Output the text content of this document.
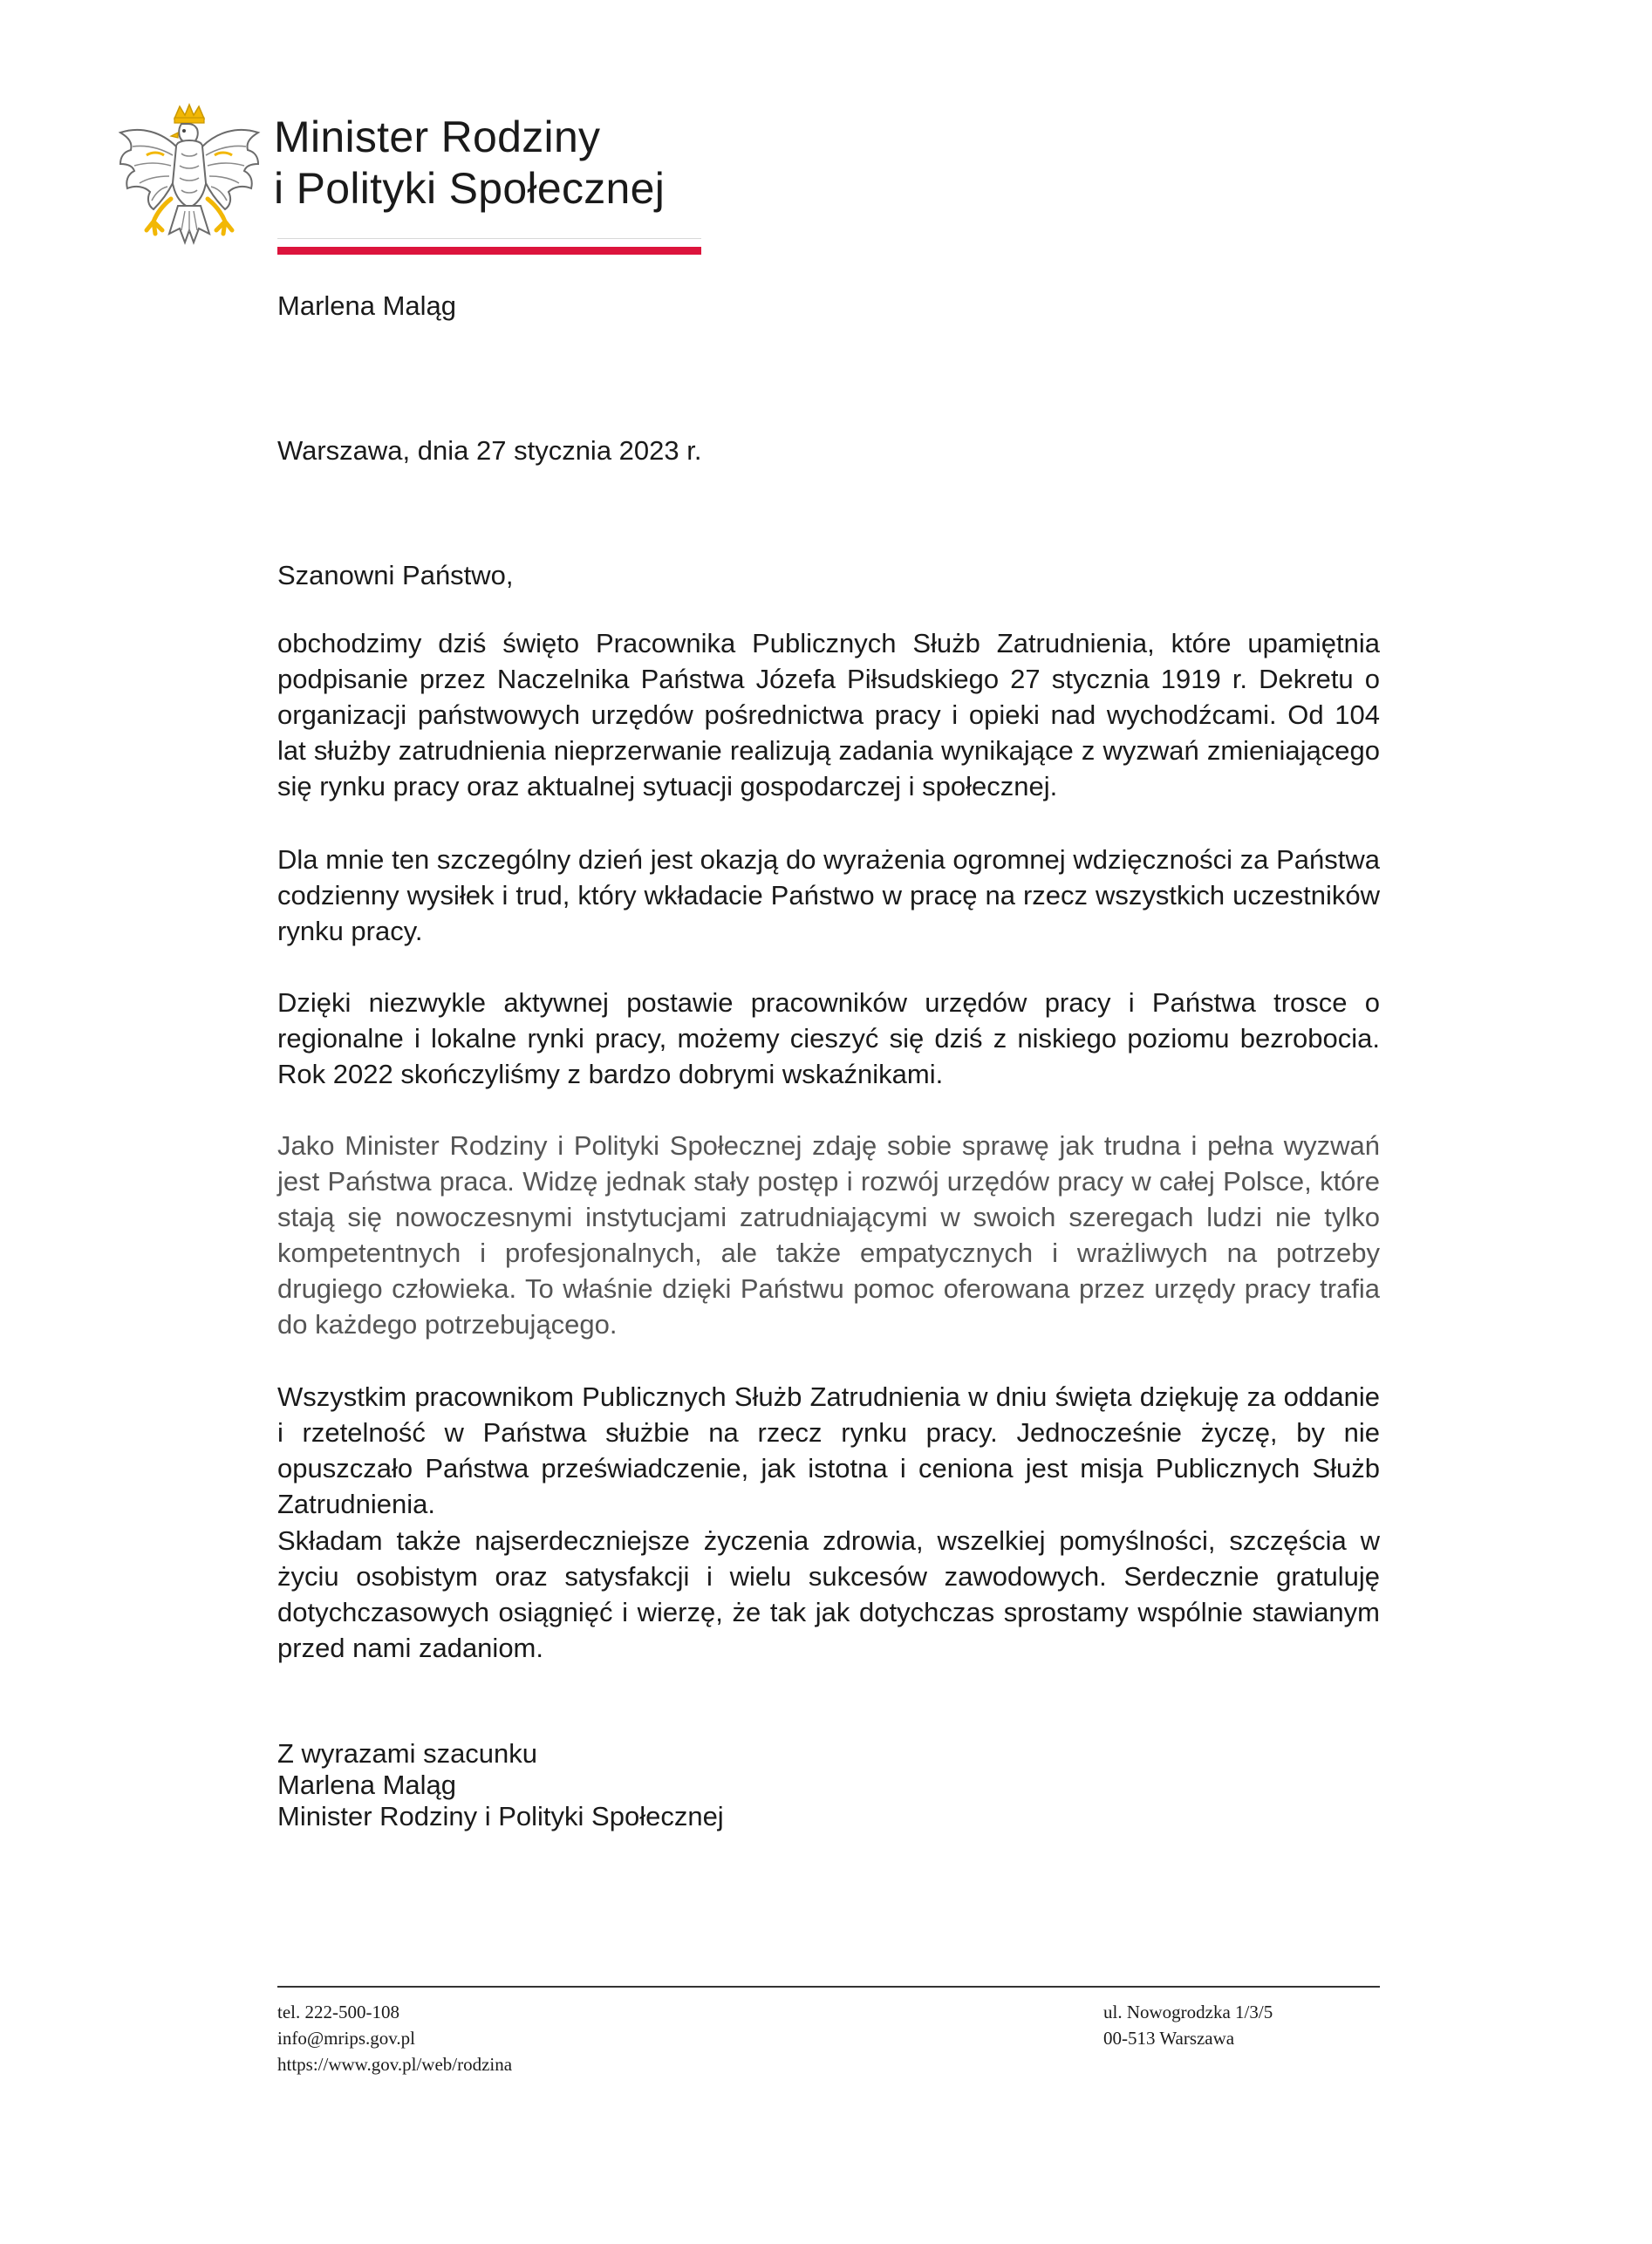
Minister Rodziny
i Polityki Społecznej
Marlena Maląg
Warszawa, dnia 27 stycznia 2023 r.
Szanowni Państwo,
obchodzimy dziś święto Pracownika Publicznych Służb Zatrudnienia, które upamiętnia podpisanie przez Naczelnika Państwa Józefa Piłsudskiego 27 stycznia 1919 r. Dekretu o organizacji państwowych urzędów pośrednictwa pracy i opieki nad wychodźcami. Od 104 lat służby zatrudnienia nieprzerwanie realizują zadania wynikające z wyzwań zmieniającego się rynku pracy oraz aktualnej sytuacji gospodarczej i społecznej.
Dla mnie ten szczególny dzień jest okazją do wyrażenia ogromnej wdzięczności za Państwa codzienny wysiłek i trud, który wkładacie Państwo w pracę na rzecz wszystkich uczestników rynku pracy.
Dzięki niezwykle aktywnej postawie pracowników urzędów pracy i Państwa trosce o regionalne i lokalne rynki pracy, możemy cieszyć się dziś z niskiego poziomu bezrobocia. Rok 2022 skończyliśmy z bardzo dobrymi wskaźnikami.
Jako Minister Rodziny i Polityki Społecznej zdaję sobie sprawę jak trudna i pełna wyzwań jest Państwa praca. Widzę jednak stały postęp i rozwój urzędów pracy w całej Polsce, które stają się nowoczesnymi instytucjami zatrudniającymi w swoich szeregach ludzi nie tylko kompetentnych i profesjonalnych, ale także empatycznych i wrażliwych na potrzeby drugiego człowieka. To właśnie dzięki Państwu pomoc oferowana przez urzędy pracy trafia do każdego potrzebującego.
Wszystkim pracownikom Publicznych Służb Zatrudnienia w dniu święta dziękuję za oddanie i rzetelność w Państwa służbie na rzecz rynku pracy. Jednocześnie życzę, by nie opuszczało Państwa przeświadczenie, jak istotna i ceniona jest misja Publicznych Służb Zatrudnienia.
Składam także najserdeczniejsze życzenia zdrowia, wszelkiej pomyślności, szczęścia w życiu osobistym oraz satysfakcji i wielu sukcesów zawodowych. Serdecznie gratuluję dotychczasowych osiągnięć i wierzę, że tak jak dotychczas sprostamy wspólnie stawianym przed nami zadaniom.
Z wyrazami szacunku
Marlena Maląg
Minister Rodziny i Polityki Społecznej
tel. 222-500-108
info@mrips.gov.pl
https://www.gov.pl/web/rodzina
ul. Nowogrodzka 1/3/5
00-513 Warszawa
